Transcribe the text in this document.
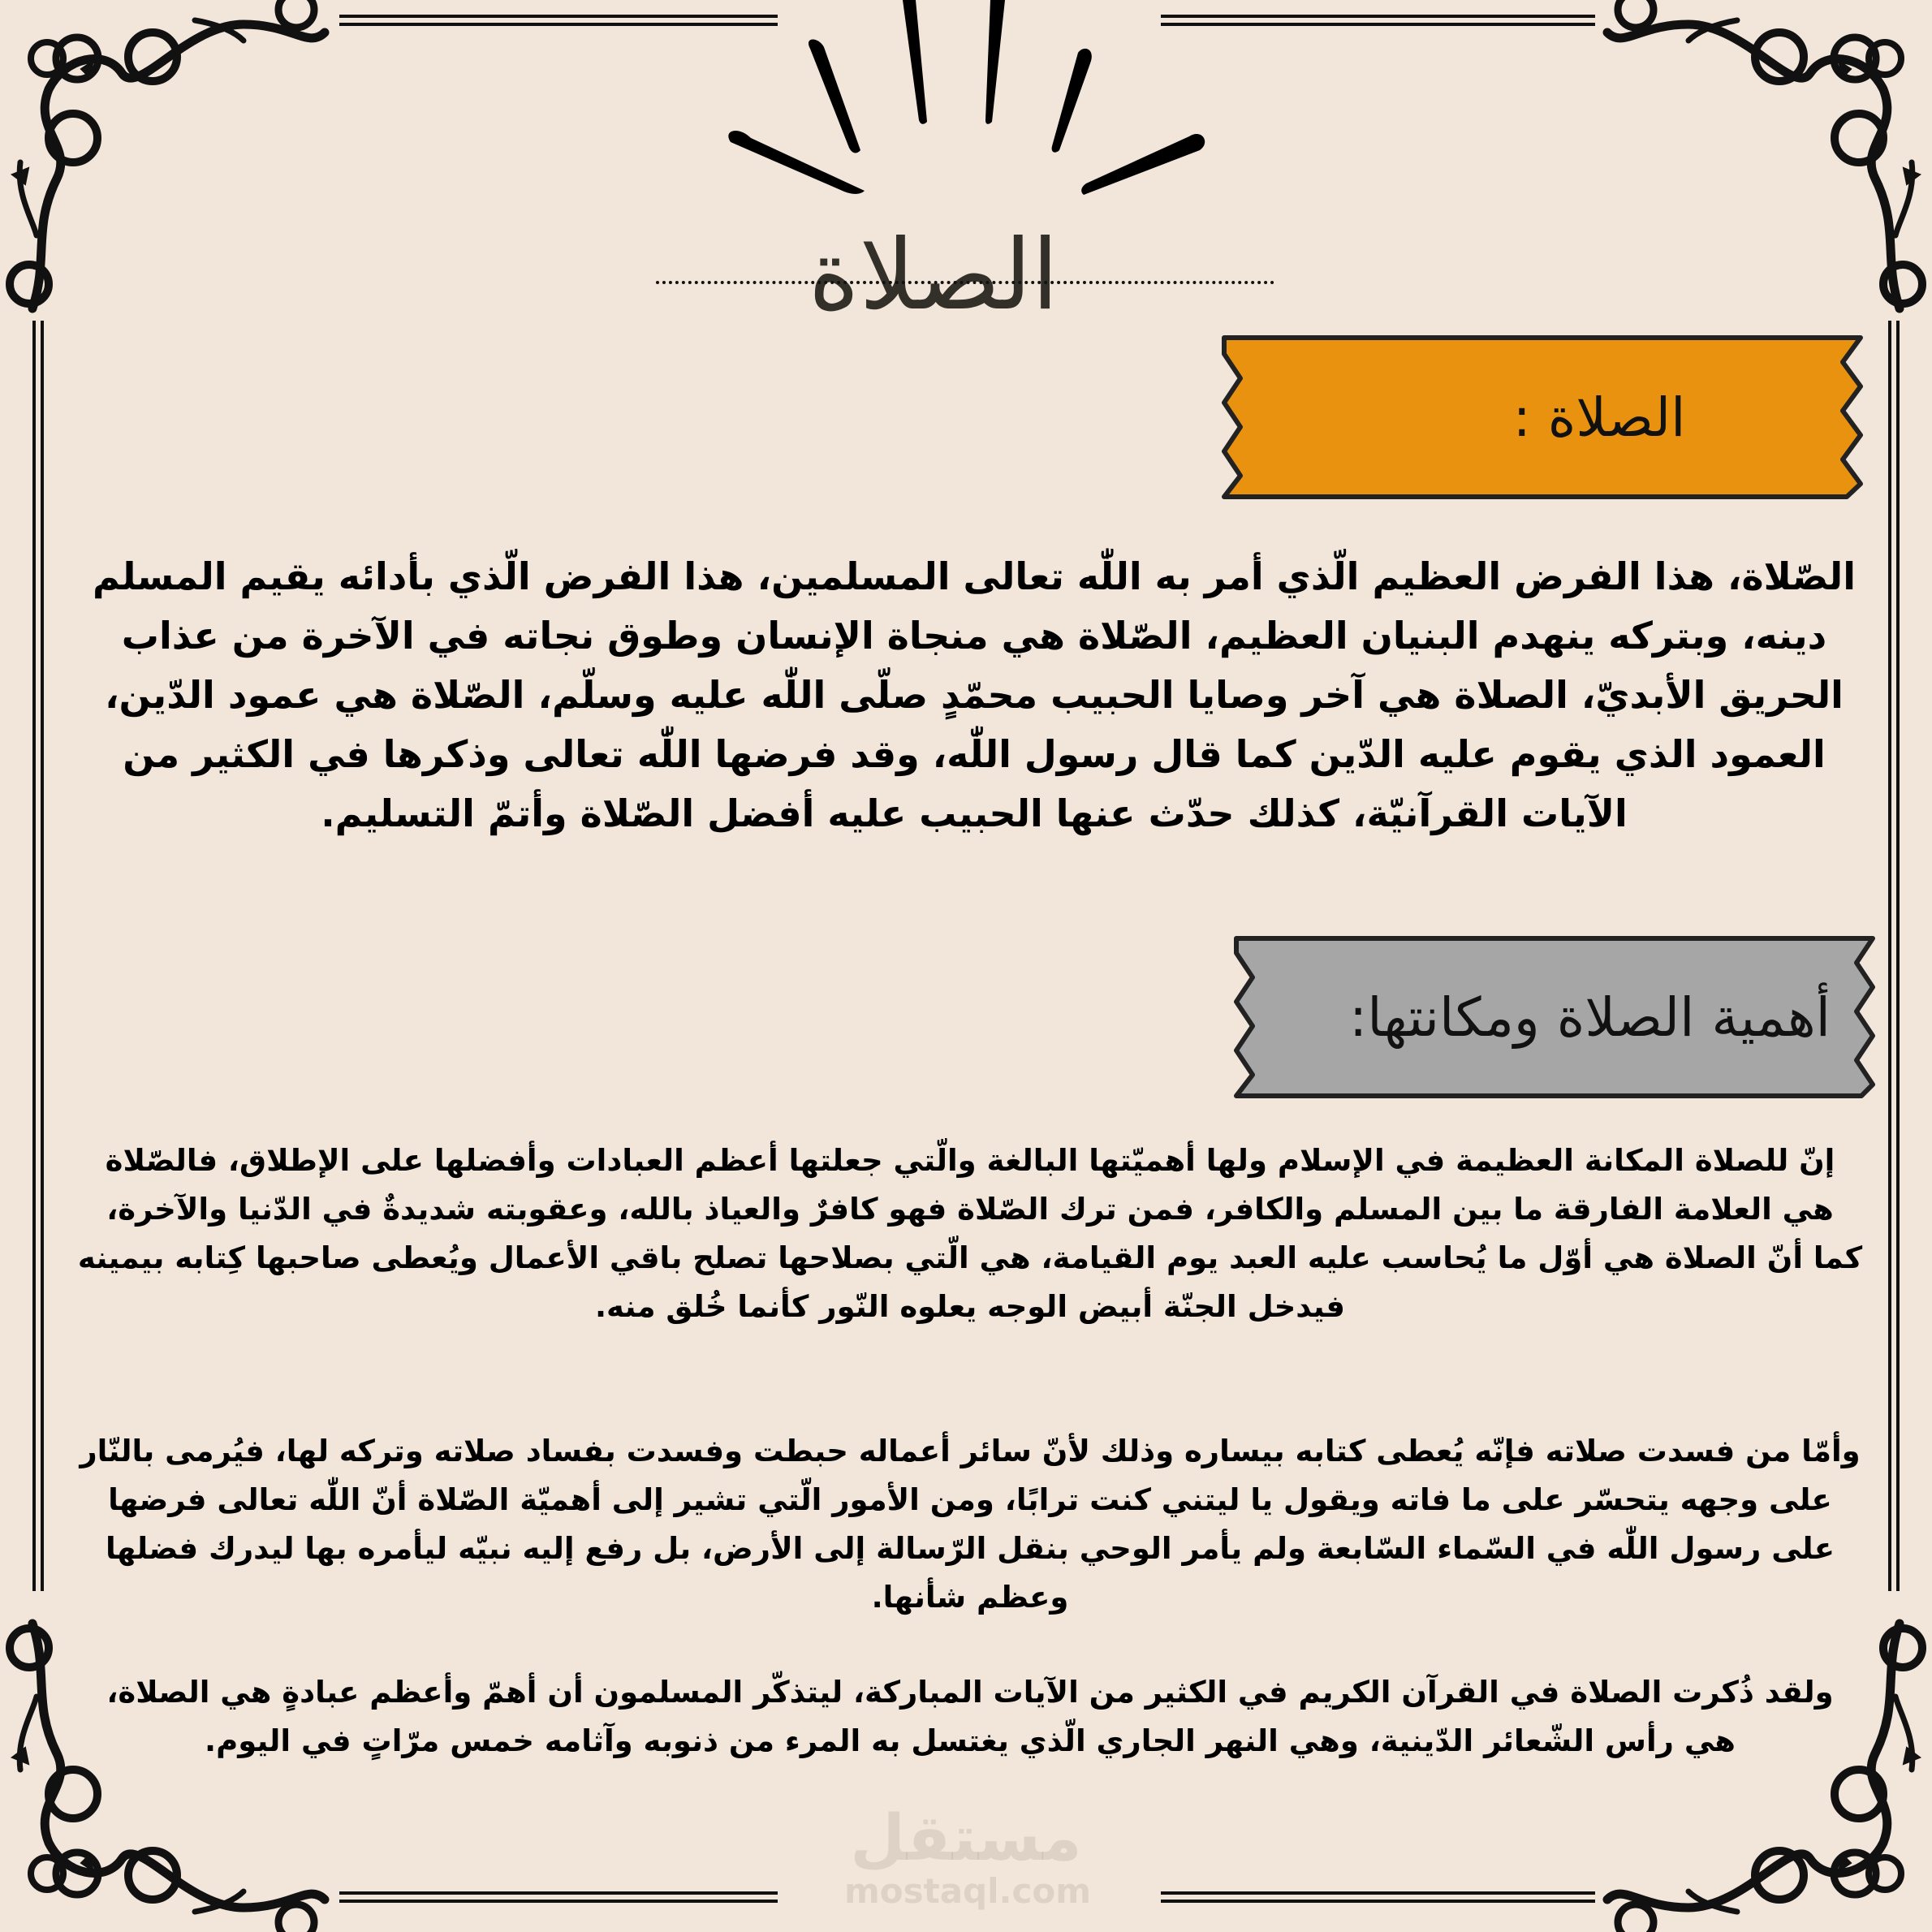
الصلاة
الصلاة :

الصّلاة، هذا الفرض العظيم الّذي أمر به اللّٰه تعالى المسلمين، هذا الفرض الّذي بأدائه يقيم المسلم دينه، وبتركه ينهدم البنيان العظيم، الصّلاة هي منجاة الإنسان وطوق نجاته في الآخرة من عذاب الحريق الأبديّ، الصلاة هي آخر وصايا الحبيب محمّدٍ صلّى اللّٰه عليه وسلّم، الصّلاة هي عمود الدّين، العمود الذي يقوم عليه الدّين كما قال رسول اللّٰه، وقد فرضها اللّٰه تعالى وذكرها في الكثير من الآيات القرآنيّة، كذلك حدّث عنها الحبيب عليه أفضل الصّلاة وأتمّ التسليم.

أهمية الصلاة ومكانتها:

إنّ للصلاة المكانة العظيمة في الإسلام ولها أهميّتها البالغة والّتي جعلتها أعظم العبادات وأفضلها على الإطلاق، فالصّلاة هي العلامة الفارقة ما بين المسلم والكافر، فمن ترك الصّلاة فهو كافرٌ والعياذ بالله، وعقوبته شديدةٌ في الدّنيا والآخرة، كما أنّ الصلاة هي أوّل ما يُحاسب عليه العبد يوم القيامة، هي الّتي بصلاحها تصلح باقي الأعمال ويُعطى صاحبها كِتابه بيمينه فيدخل الجنّة أبيض الوجه يعلوه النّور كأنما خُلق منه.

وأمّا من فسدت صلاته فإنّه يُعطى كتابه بيساره وذلك لأنّ سائر أعماله حبطت وفسدت بفساد صلاته وتركه لها، فيُرمى بالنّار على وجهه يتحسّر على ما فاته ويقول يا ليتني كنت ترابًا، ومن الأمور الّتي تشير إلى أهميّة الصّلاة أنّ اللّٰه تعالى فرضها على رسول اللّٰه في السّماء السّابعة ولم يأمر الوحي بنقل الرّسالة إلى الأرض، بل رفع إليه نبيّه ليأمره بها ليدرك فضلها وعظم شأنها.

ولقد ذُكرت الصلاة في القرآن الكريم في الكثير من الآيات المباركة، ليتذكّر المسلمون أن أهمّ وأعظم عبادةٍ هي الصلاة، هي رأس الشّعائر الدّينية، وهي النهر الجاري الّذي يغتسل به المرء من ذنوبه وآثامه خمس مرّاتٍ في اليوم.

مستقل
mostaql.com
